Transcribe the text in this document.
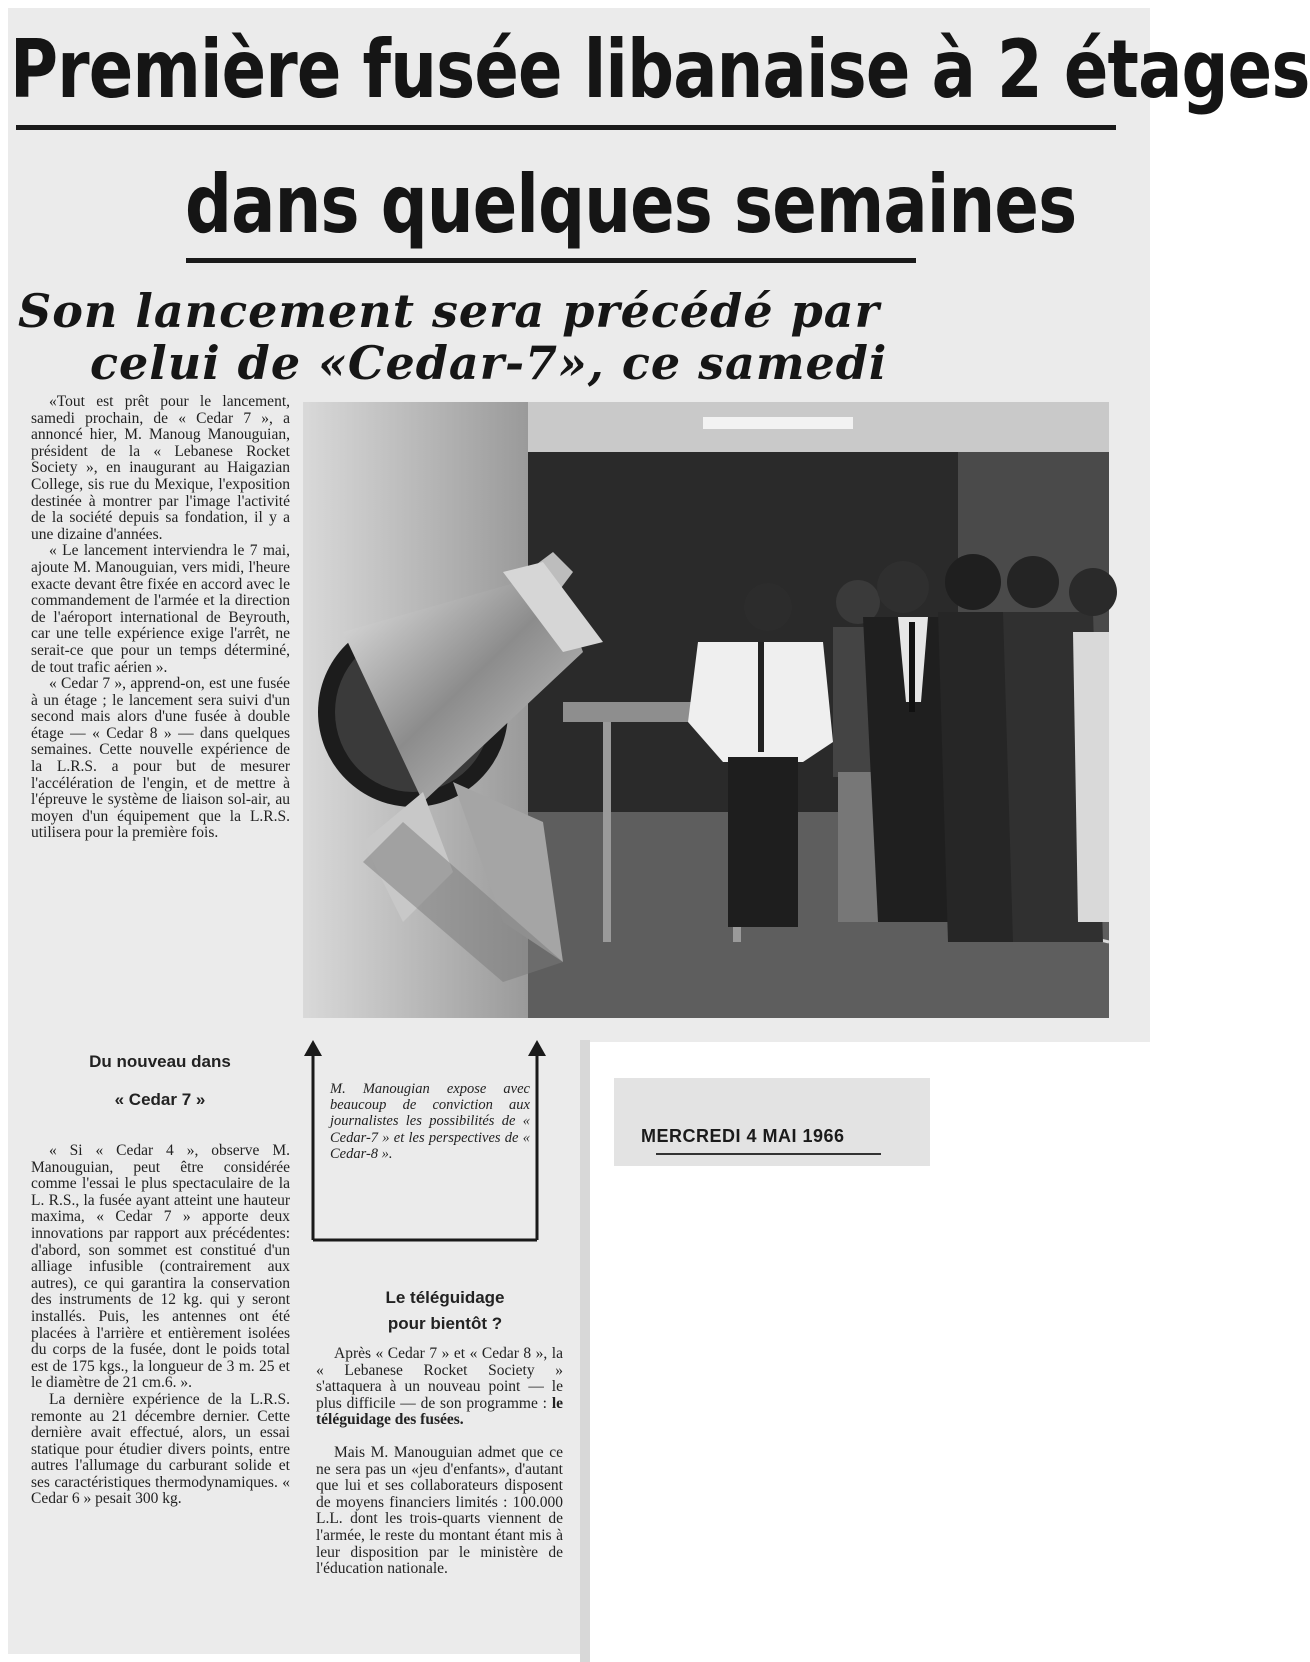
Première fusée libanaise à 2 étages
dans quelques semaines
Son lancement sera précédé par
celui de «Cedar-7», ce samedi

«Tout est prêt pour le lancement, samedi prochain, de « Cedar 7 », a annoncé hier, M. Manoug Manouguian, président de la « Lebanese Rocket Society », en inaugurant au Haigazian College, sis rue du Mexique, l'exposition destinée à montrer par l'image l'activité de la société depuis sa fondation, il y a une dizaine d'années.

« Le lancement interviendra le 7 mai, ajoute M. Manouguian, vers midi, l'heure exacte devant être fixée en accord avec le commandement de l'armée et la direction de l'aéroport international de Beyrouth, car une telle expérience exige l'arrêt, ne serait-ce que pour un temps déterminé, de tout trafic aérien ».

« Cedar 7 », apprend-on, est une fusée à un étage ; le lancement sera suivi d'un second mais alors d'une fusée à double étage — « Cedar 8 » — dans quelques semaines. Cette nouvelle expérience de la L.R.S. a pour but de mesurer l'accélération de l'engin, et de mettre à l'épreuve le système de liaison sol-air, au moyen d'un équipement que la L.R.S. utilisera pour la première fois.

Du nouveau dans
« Cedar 7 »

« Si « Cedar 4 », observe M. Manouguian, peut être considérée comme l'essai le plus spectaculaire de la L. R.S., la fusée ayant atteint une hauteur maxima, « Cedar 7 » apporte deux innovations par rapport aux précédentes: d'abord, son sommet est constitué d'un alliage infusible (contrairement aux autres), ce qui garantira la conservation des instruments de 12 kg. qui y seront installés. Puis, les antennes ont été placées à l'arrière et entièrement isolées du corps de la fusée, dont le poids total est de 175 kgs., la longueur de 3 m. 25 et le diamètre de 21 cm.6. ».

La dernière expérience de la L.R.S. remonte au 21 décembre dernier. Cette dernière avait effectué, alors, un essai statique pour étudier divers points, entre autres l'allumage du carburant solide et ses caractéristiques thermodynamiques. « Cedar 6 » pesait 300 kg.

M. Manougian expose avec beaucoup de conviction aux journalistes les possibilités de « Cedar-7 » et les perspectives de « Cedar-8 ».
Le téléguidage
pour bientôt ?

Après « Cedar 7 » et « Cedar 8 », la « Lebanese Rocket Society » s'attaquera à un nouveau point — le plus difficile — de son programme : le téléguidage des fusées.

Mais M. Manouguian admet que ce ne sera pas un «jeu d'enfants», d'autant que lui et ses collaborateurs disposent de moyens financiers limités : 100.000 L.L. dont les trois-quarts viennent de l'armée, le reste du montant étant mis à leur disposition par le ministère de l'éducation nationale.

MERCREDI 4 MAI 1966
